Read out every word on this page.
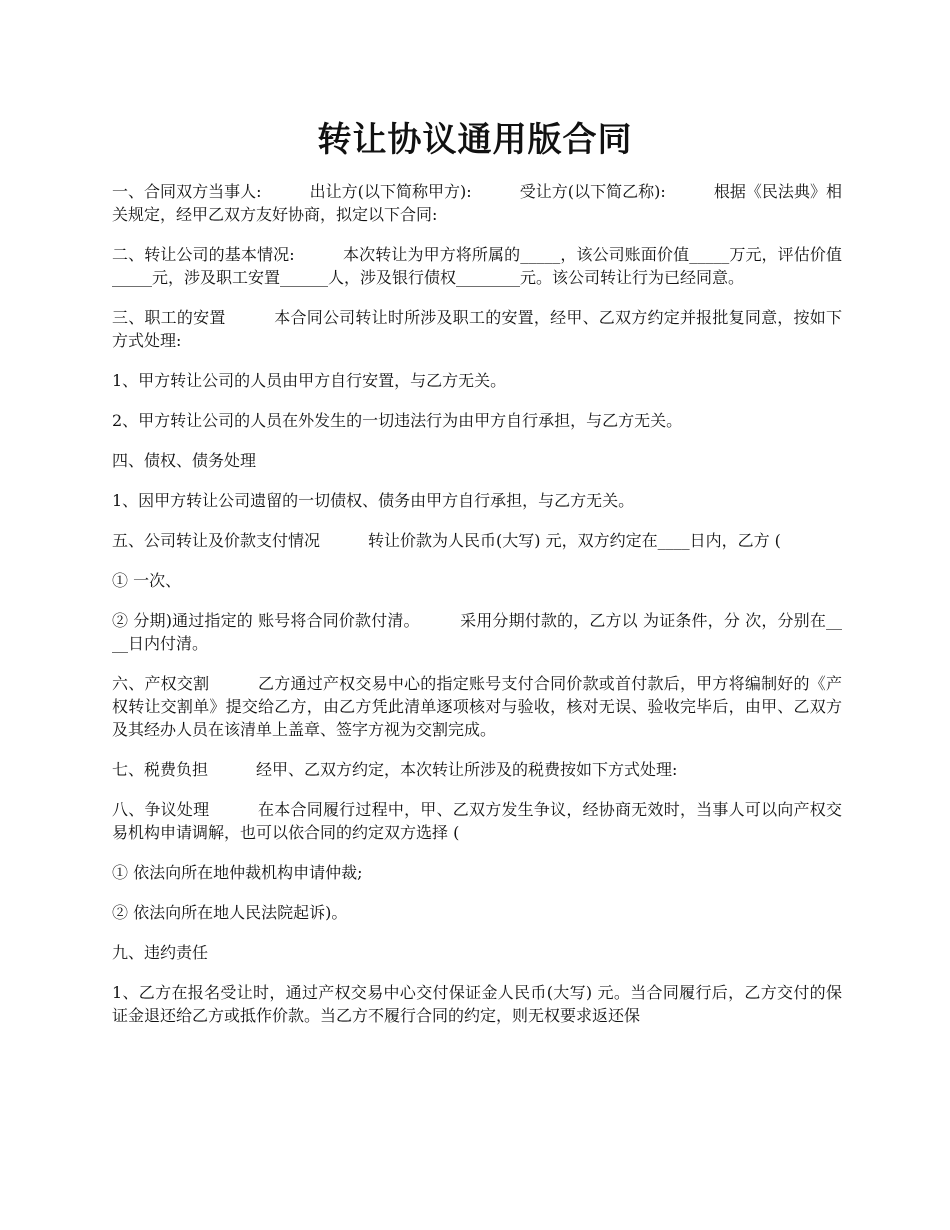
转让协议通用版合同

一、合同双方当事人:　　　出让方(以下简称甲方):　　　受让方(以下简乙称):　　　根据《民法典》相关规定，经甲乙双方友好协商，拟定以下合同:

二、转让公司的基本情况:　　　本次转让为甲方将所属的_____，该公司账面价值_____万元，评估价值_____元，涉及职工安置______人，涉及银行债权________元。该公司转让行为已经同意。

三、职工的安置　　　本合同公司转让时所涉及职工的安置，经甲、乙双方约定并报批复同意，按如下方式处理:

1、甲方转让公司的人员由甲方自行安置，与乙方无关。

2、甲方转让公司的人员在外发生的一切违法行为由甲方自行承担，与乙方无关。

四、债权、债务处理

1、因甲方转让公司遗留的一切债权、债务由甲方自行承担，与乙方无关。

五、公司转让及价款支付情况　　　转让价款为人民币(大写) 元，双方约定在____日内，乙方 (

① 一次、

② 分期)通过指定的 账号将合同价款付清。　　　采用分期付款的，乙方以 为证条件，分 次，分别在____日内付清。

六、产权交割　　　乙方通过产权交易中心的指定账号支付合同价款或首付款后，甲方将编制好的《产权转让交割单》提交给乙方，由乙方凭此清单逐项核对与验收，核对无误、验收完毕后，由甲、乙双方及其经办人员在该清单上盖章、签字方视为交割完成。

七、税费负担　　　经甲、乙双方约定，本次转让所涉及的税费按如下方式处理:

八、争议处理　　　在本合同履行过程中，甲、乙双方发生争议，经协商无效时，当事人可以向产权交易机构申请调解，也可以依合同的约定双方选择 (

① 依法向所在地仲裁机构申请仲裁;

② 依法向所在地人民法院起诉)。

九、违约责任

1、乙方在报名受让时，通过产权交易中心交付保证金人民币(大写) 元。当合同履行后，乙方交付的保证金退还给乙方或抵作价款。当乙方不履行合同的约定，则无权要求返还保
